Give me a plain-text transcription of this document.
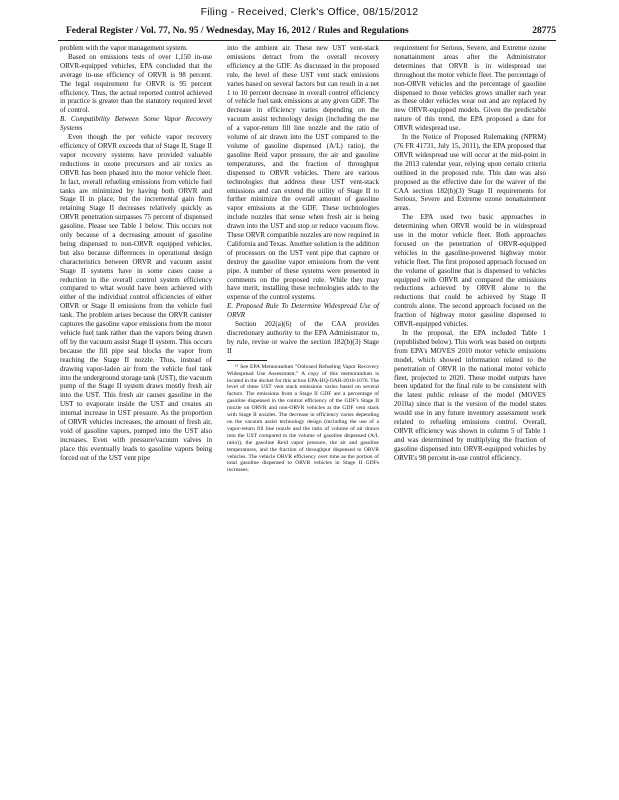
Filing - Received, Clerk's Office, 08/15/2012
Federal Register / Vol. 77, No. 95 / Wednesday, May 16, 2012 / Rules and Regulations	28775

problem with the vapor management system.

Based on emissions tests of over 1,150 in-use ORVR-equipped vehicles, EPA concluded that the average in-use efficiency of ORVR is 98 percent. The legal requirement for ORVR is 95 percent efficiency. Thus, the actual reported control achieved in practice is greater than the statutory required level of control.

B. Compatibility Between Some Vapor Recovery Systems

Even though the per vehicle vapor recovery efficiency of ORVR exceeds that of Stage II, Stage II vapor recovery systems have provided valuable reductions in ozone precursors and air toxics as ORVR has been phased into the motor vehicle fleet. In fact, overall refueling emissions from vehicle fuel tanks are minimized by having both ORVR and Stage II in place, but the incremental gain from retaining Stage II decreases relatively quickly as ORVR penetration surpasses 75 percent of dispensed gasoline. Please see Table 1 below. This occurs not only because of a decreasing amount of gasoline being dispensed to non-ORVR equipped vehicles, but also because differences in operational design characteristics between ORVR and vacuum assist Stage II systems have in some cases cause a reduction in the overall control system efficiency compared to what would have been achieved with either of the individual control efficiencies of either ORVR or Stage II emissions from the vehicle fuel tank. The problem arises because the ORVR canister captures the gasoline vapor emissions from the motor vehicle fuel tank rather than the vapors being drawn off by the vacuum assist Stage II system. This occurs because the fill pipe seal blocks the vapor from reaching the Stage II nozzle. Thus, instead of drawing vapor-laden air from the vehicle fuel tank into the underground storage tank (UST), the vacuum pump of the Stage II system draws mostly fresh air into the UST. This fresh air causes gasoline in the UST to evaporate inside the UST and creates an internal increase in UST pressure. As the proportion of ORVR vehicles increases, the amount of fresh air, void of gasoline vapors, pumped into the UST also increases. Even with pressure/vacuum valves in place this eventually leads to gasoline vapors being forced out of the UST vent pipe

into the ambient air. These new UST vent-stack emissions detract from the overall recovery efficiency at the GDF. As discussed in the proposed rule, the level of these UST vent stack emissions varies based on several factors but can result in a net 1 to 10 percent decrease in overall control efficiency of vehicle fuel tank emissions at any given GDF. The decrease in efficiency varies depending on the vacuum assist technology design (including the use of a vapor-return fill line nozzle and the ratio of volume of air drawn into the UST compared to the volume of gasoline dispensed (A/L) ratio), the gasoline Reid vapor pressure, the air and gasoline temperatures, and the fraction of throughput dispensed to ORVR vehicles. There are various technologies that address these UST vent-stack emissions and can extend the utility of Stage II to further minimize the overall amount of gasoline vapor emissions at the GDF. These technologies include nozzles that sense when fresh air is being drawn into the UST and stop or reduce vacuum flow. These ORVR compatible nozzles are now required in California and Texas. Another solution is the addition of processors on the UST vent pipe that capture or destroy the gasoline vapor emissions from the vent pipe. A number of these systems were presented in comments on the proposed rule. While they may have merit, installing these technologies adds to the expense of the control systems.

E. Proposed Rule To Determine Widespread Use of ORVR

Section 202(a)(6) of the CAA provides discretionary authority to the EPA Administrator to, by rule, revise or waive the section 182(b)(3) Stage II

¹³ See EPA Memorandum "Onboard Refueling Vapor Recovery Widespread Use Assessment." A copy of this memorandum is located in the docket for this action EPA-HQ-OAR-2010-1076. The level of these UST vent stack emissions varies based on several factors. The emissions from a Stage II GDF are a percentage of gasoline dispensed in the control efficiency of the GDF's Stage II nozzle on ORVR and non-ORVR vehicles at the GDF vent stack with Stage II nozzles. The decrease in efficiency varies depending on the vacuum assist technology design (including the use of a vapor-return fill line nozzle and the ratio of volume of air drawn into the UST compared to the volume of gasoline dispensed (A/L ratio)), the gasoline Reid vapor pressure, the air and gasoline temperatures, and the fraction of throughput dispensed to ORVR vehicles. The vehicle ORVR efficiency over time as the portion of total gasoline dispensed to ORVR vehicles in Stage II GDFs increases.

requirement for Serious, Severe, and Extreme ozone nonattainment areas after the Administrator determines that ORVR is in widespread use throughout the motor vehicle fleet. The percentage of non-ORVR vehicles and the percentage of gasoline dispensed to those vehicles grows smaller each year as these older vehicles wear out and are replaced by new ORVR-equipped models. Given the predictable nature of this trend, the EPA proposed a date for ORVR widespread use.

In the Notice of Proposed Rulemaking (NPRM) (76 FR 41731, July 15, 2011), the EPA proposed that ORVR widespread use will occur at the mid-point in the 2013 calendar year, relying upon certain criteria outlined in the proposed rule. This date was also proposed as the effective date for the waiver of the CAA section 182(b)(3) Stage II requirements for Serious, Severe and Extreme ozone nonattainment areas.

The EPA used two basic approaches in determining when ORVR would be in widespread use in the motor vehicle fleet. Both approaches focused on the penetration of ORVR-equipped vehicles in the gasoline-powered highway motor vehicle fleet. The first proposed approach focused on the volume of gasoline that is dispensed to vehicles equipped with ORVR and compared the emissions reductions achieved by ORVR alone to the reductions that could be achieved by Stage II controls alone. The second approach focused on the fraction of highway motor gasoline dispensed to ORVR-equipped vehicles.

In the proposal, the EPA included Table 1 (republished below). This work was based on outputs from EPA's MOVES 2010 motor vehicle emissions model, which showed information related to the penetration of ORVR in the national motor vehicle fleet, projected to 2020. These model outputs have been updated for the final rule to be consistent with the latest public release of the model (MOVES 2010a) since that is the version of the model states would use in any future inventory assessment work related to refueling emissions control. Overall, ORVR efficiency was shown in column 5 of Table 1 and was determined by multiplying the fraction of gasoline dispensed into ORVR-equipped vehicles by ORVR's 98 percent in-use control efficiency.
